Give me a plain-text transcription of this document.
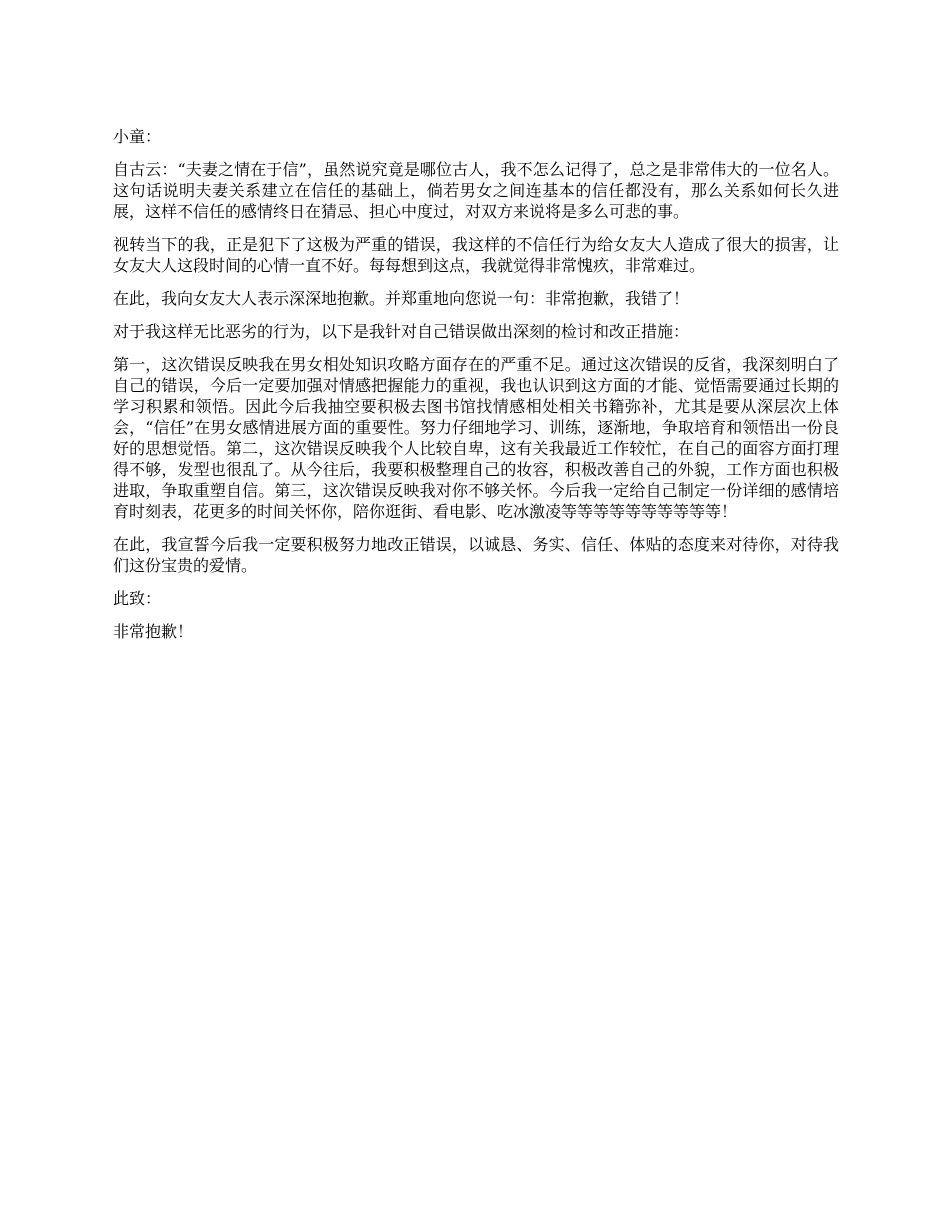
小童：

自古云：“夫妻之情在于信”，虽然说究竟是哪位古人，我不怎么记得了，总之是非常伟大的一位名人。这句话说明夫妻关系建立在信任的基础上，倘若男女之间连基本的信任都没有，那么关系如何长久进展，这样不信任的感情终日在猜忌、担心中度过，对双方来说将是多么可悲的事。

视转当下的我，正是犯下了这极为严重的错误，我这样的不信任行为给女友大人造成了很大的损害，让女友大人这段时间的心情一直不好。每每想到这点，我就觉得非常愧疚，非常难过。

在此，我向女友大人表示深深地抱歉。并郑重地向您说一句：非常抱歉，我错了！

对于我这样无比恶劣的行为，以下是我针对自己错误做出深刻的检讨和改正措施：

第一，这次错误反映我在男女相处知识攻略方面存在的严重不足。通过这次错误的反省，我深刻明白了自己的错误，今后一定要加强对情感把握能力的重视，我也认识到这方面的才能、觉悟需要通过长期的学习积累和领悟。因此今后我抽空要积极去图书馆找情感相处相关书籍弥补，尤其是要从深层次上体会，“信任”在男女感情进展方面的重要性。努力仔细地学习、训练，逐渐地，争取培育和领悟出一份良好的思想觉悟。第二，这次错误反映我个人比较自卑，这有关我最近工作较忙，在自己的面容方面打理得不够，发型也很乱了。从今往后，我要积极整理自己的妆容，积极改善自己的外貌，工作方面也积极进取，争取重塑自信。第三，这次错误反映我对你不够关怀。今后我一定给自己制定一份详细的感情培育时刻表，花更多的时间关怀你，陪你逛街、看电影、吃冰激凌等等等等等等等等等等！

在此，我宣誓今后我一定要积极努力地改正错误，以诚恳、务实、信任、体贴的态度来对待你，对待我们这份宝贵的爱情。

此致：

非常抱歉！
